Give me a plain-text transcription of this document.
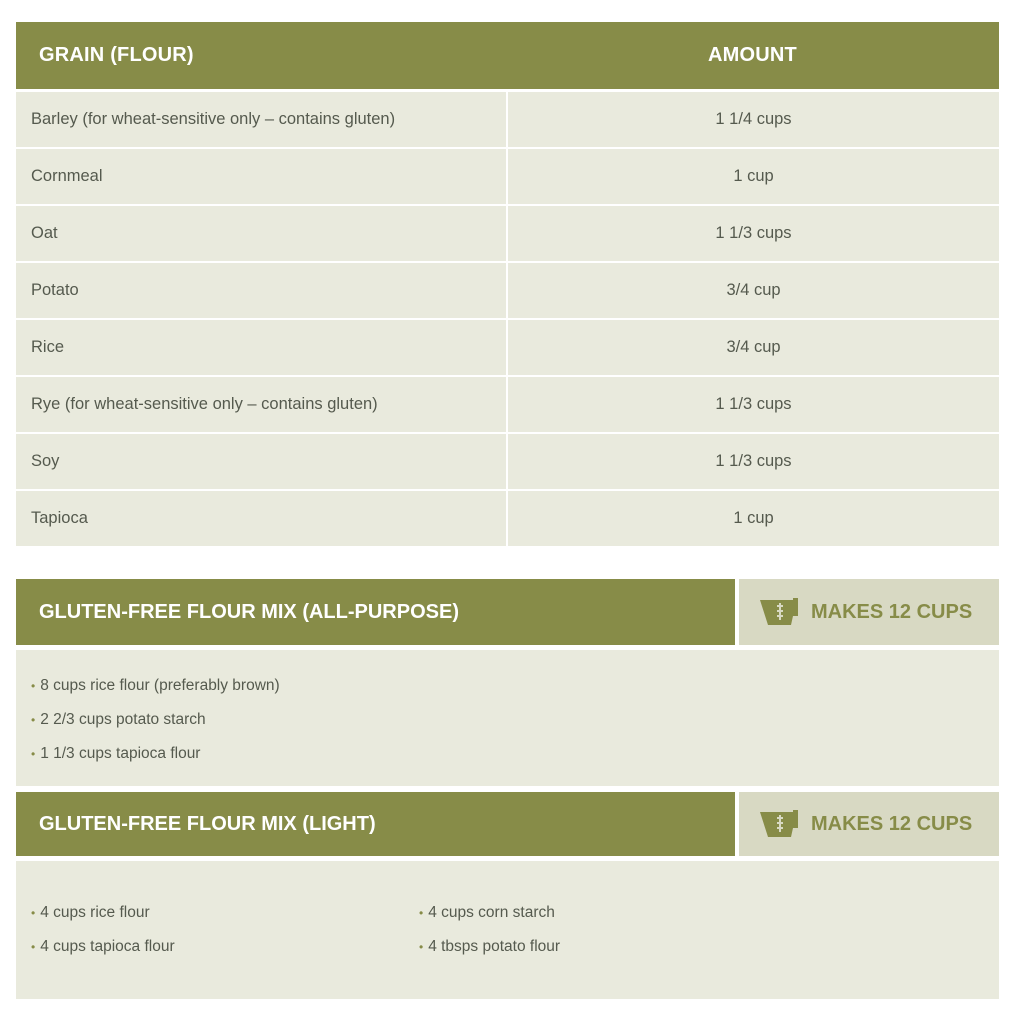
GRAIN (FLOUR)	AMOUNT
Barley (for wheat-sensitive only – contains gluten)	1 1/4 cups
Cornmeal	1 cup
Oat	1 1/3 cups
Potato	3/4 cup
Rice	3/4 cup
Rye (for wheat-sensitive only – contains gluten)	1 1/3 cups
Soy	1 1/3 cups
Tapioca	1 cup
GLUTEN-FREE FLOUR MIX (ALL-PURPOSE)	MAKES 12 CUPS
• 8 cups rice flour (preferably brown)
• 2 2/3 cups potato starch
• 1 1/3 cups tapioca flour
GLUTEN-FREE FLOUR MIX (LIGHT)	MAKES 12 CUPS
• 4 cups rice flour
• 4 cups tapioca flour
• 4 cups corn starch
• 4 tbsps potato flour
